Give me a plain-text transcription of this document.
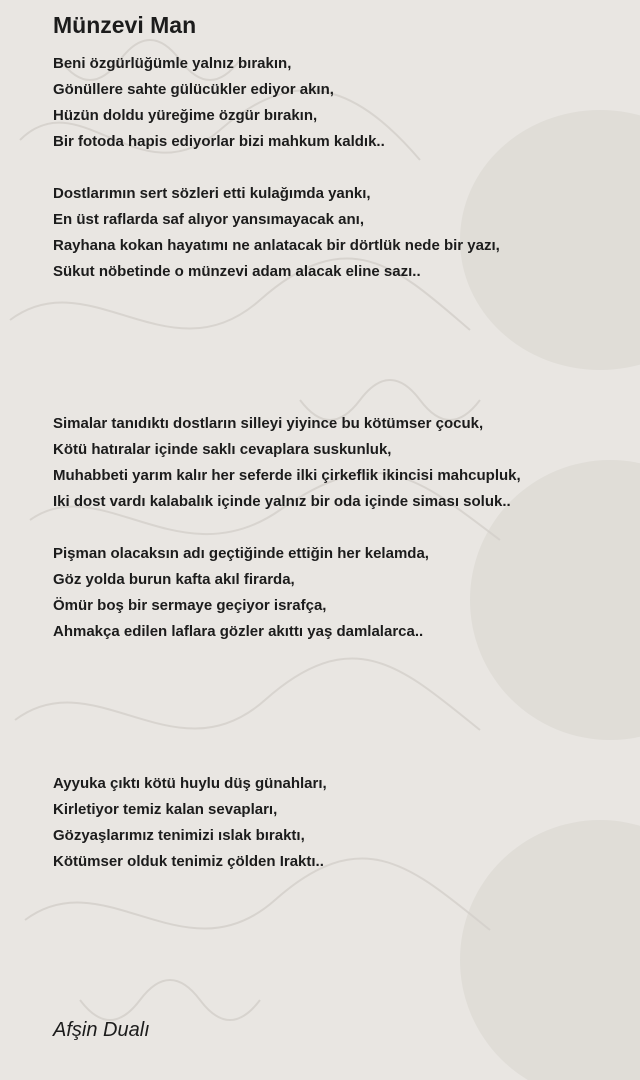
Münzevi Man
Beni özgürlüğümle yalnız bırakın,
Gönüllere sahte gülücükler ediyor akın,
Hüzün doldu yüreğime özgür bırakın,
Bir fotoda hapis ediyorlar bizi mahkum kaldık..
Dostlarımın sert sözleri etti kulağımda yankı,
En üst raflarda saf alıyor yansımayacak anı,
Rayhana kokan hayatımı ne anlatacak bir dörtlük nede bir yazı,
Sükut nöbetinde o münzevi adam alacak eline sazı..
Simalar tanıdıktı dostların silleyi yiyince bu kötümser çocuk,
Kötü hatıralar içinde saklı cevaplara suskunluk,
Muhabbeti yarım kalır her seferde ilki çirkeflik ikincisi mahcupluk,
Iki dost vardı kalabalık içinde yalnız bir oda içinde siması soluk..
Pişman olacaksın adı geçtiğinde ettiğin her kelamda,
Göz yolda burun kafta akıl firarda,
Ömür boş bir sermaye geçiyor israfça,
Ahmakça edilen laflara gözler akıttı yaş damlalarca..
Ayyuka çıktı kötü huylu düş günahları,
Kirletiyor temiz kalan sevapları,
Gözyaşlarımız tenimizi ıslak bıraktı,
Kötümser olduk tenimiz çölden Iraktı..

Afşin Dualı
